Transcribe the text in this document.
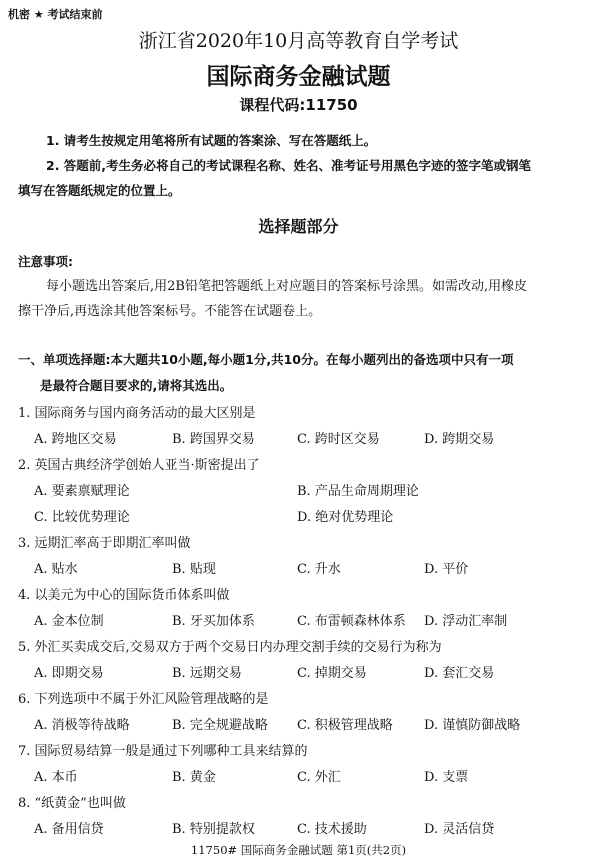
机密 ★ 考试结束前
浙江省2020年10月高等教育自学考试
国际商务金融试题
课程代码:11750
1. 请考生按规定用笔将所有试题的答案涂、写在答题纸上。
2. 答题前,考生务必将自己的考试课程名称、姓名、准考证号用黑色字迹的签字笔或钢笔
填写在答题纸规定的位置上。
选择题部分
注意事项:
每小题选出答案后,用2B铅笔把答题纸上对应题目的答案标号涂黑。如需改动,用橡皮
擦干净后,再选涂其他答案标号。不能答在试题卷上。
一、单项选择题:本大题共10小题,每小题1分,共10分。在每小题列出的备选项中只有一项
是最符合题目要求的,请将其选出。
1. 国际商务与国内商务活动的最大区别是
A. 跨地区交易	B. 跨国界交易	C. 跨时区交易	D. 跨期交易
2. 英国古典经济学创始人亚当·斯密提出了
A. 要素禀赋理论	B. 产品生命周期理论
C. 比较优势理论	D. 绝对优势理论
3. 远期汇率高于即期汇率叫做
A. 贴水	B. 贴现	C. 升水	D. 平价
4. 以美元为中心的国际货币体系叫做
A. 金本位制	B. 牙买加体系	C. 布雷顿森林体系 D. 浮动汇率制
5. 外汇买卖成交后,交易双方于两个交易日内办理交割手续的交易行为称为
A. 即期交易	B. 远期交易	C. 掉期交易	D. 套汇交易
6. 下列选项中不属于外汇风险管理战略的是
A. 消极等待战略	B. 完全规避战略 C. 积极管理战略 D. 谨慎防御战略
7. 国际贸易结算一般是通过下列哪种工具来结算的
A. 本币	B. 黄金	C. 外汇	D. 支票
8. “纸黄金”也叫做
A. 备用信贷	B. 特别提款权	C. 技术援助	D. 灵活信贷
11750# 国际商务金融试题 第1页(共2页)
